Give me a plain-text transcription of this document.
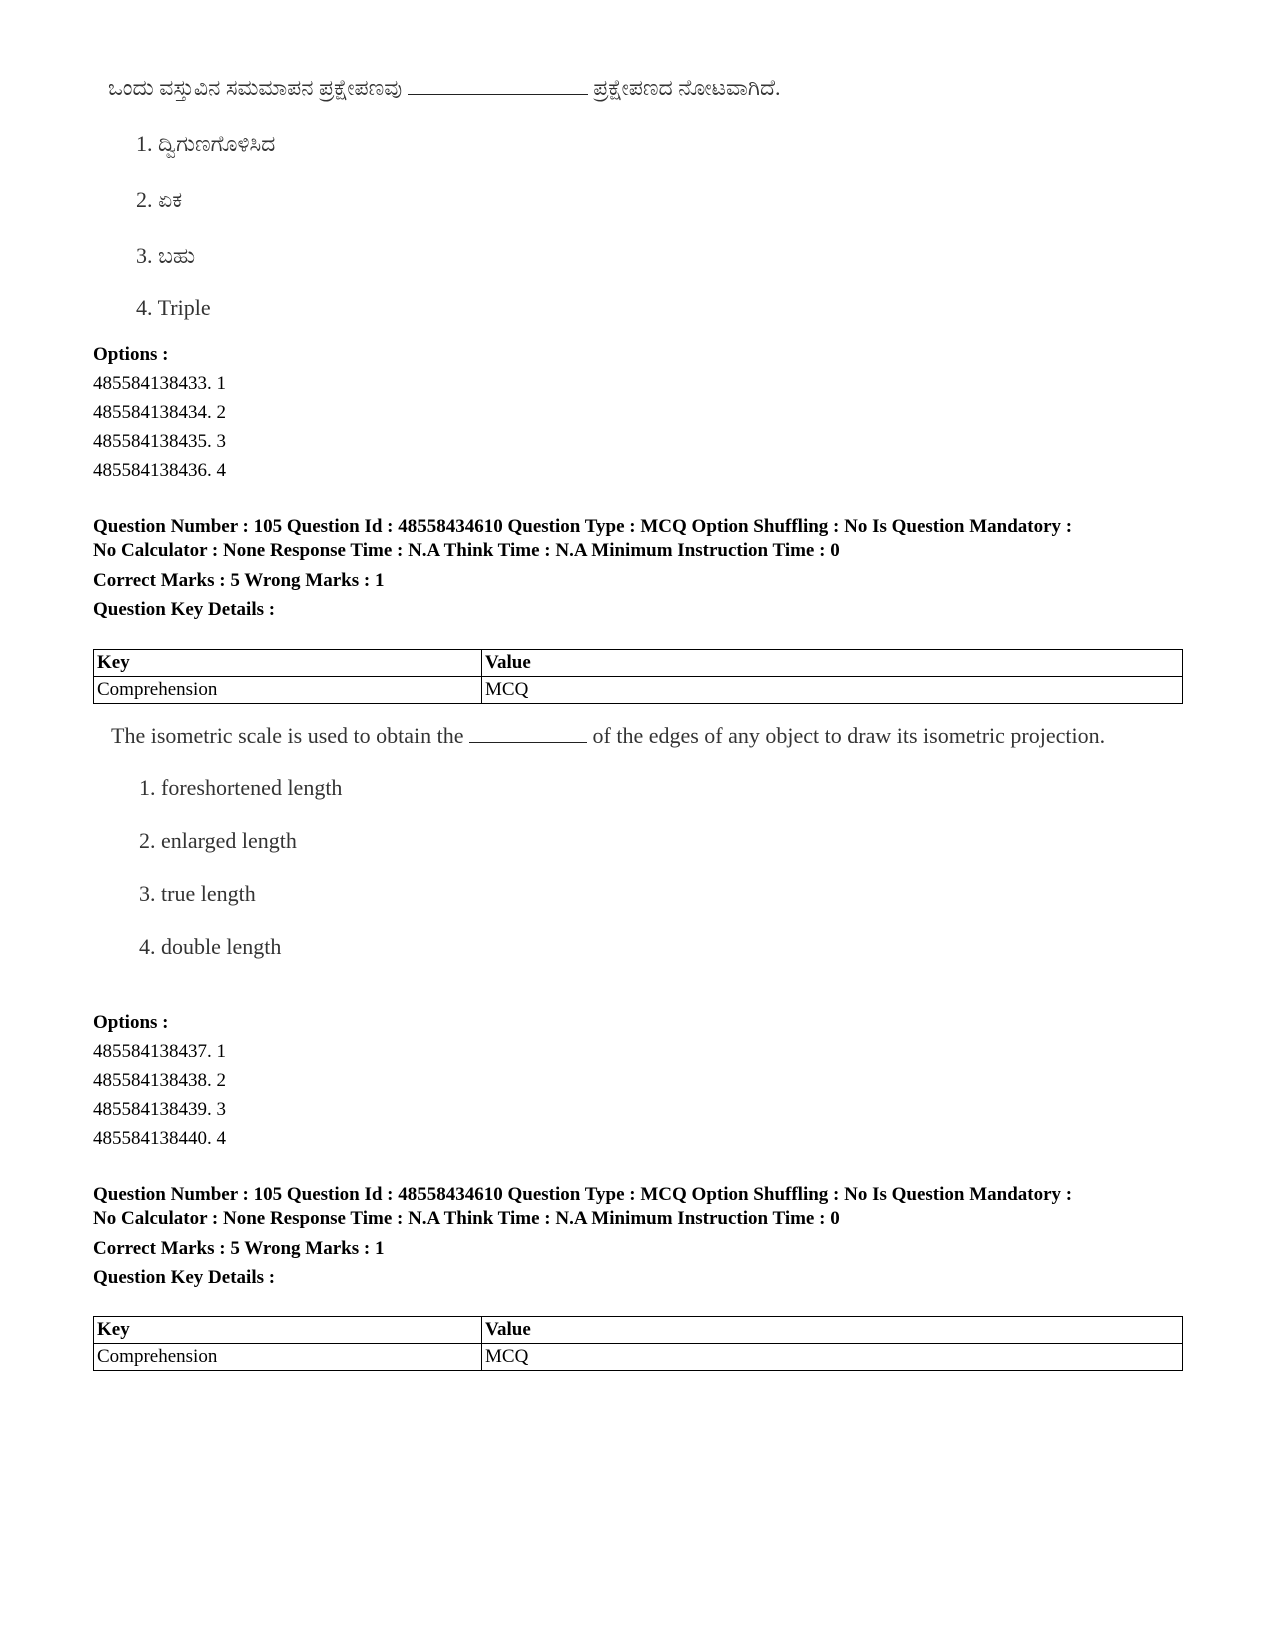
ಒಂದು ವಸ್ತುವಿನ ಸಮಮಾಪನ ಪ್ರಕ್ಷೇಪಣವು	ಪ್ರಕ್ಷೇಪಣದ ನೋಟವಾಗಿದೆ.
1. ದ್ವಿಗುಣಗೊಳಿಸಿದ
2. ಏಕ
3. ಬಹು
4. Triple
Options :
485584138433. 1
485584138434. 2
485584138435. 3
485584138436. 4
Question Number : 105 Question Id : 48558434610 Question Type : MCQ Option Shuffling : No Is Question Mandatory :
No Calculator : None Response Time : N.A Think Time : N.A Minimum Instruction Time : 0
Correct Marks : 5 Wrong Marks : 1
Question Key Details :
Key	Value
Comprehension	MCQ
The isometric scale is used to obtain the	of the edges of any object to draw its isometric projection.
1. foreshortened length
2. enlarged length
3. true length
4. double length
Options :
485584138437. 1
485584138438. 2
485584138439. 3
485584138440. 4
Question Number : 105 Question Id : 48558434610 Question Type : MCQ Option Shuffling : No Is Question Mandatory :
No Calculator : None Response Time : N.A Think Time : N.A Minimum Instruction Time : 0
Correct Marks : 5 Wrong Marks : 1
Question Key Details :
Key	Value
Comprehension	MCQ
